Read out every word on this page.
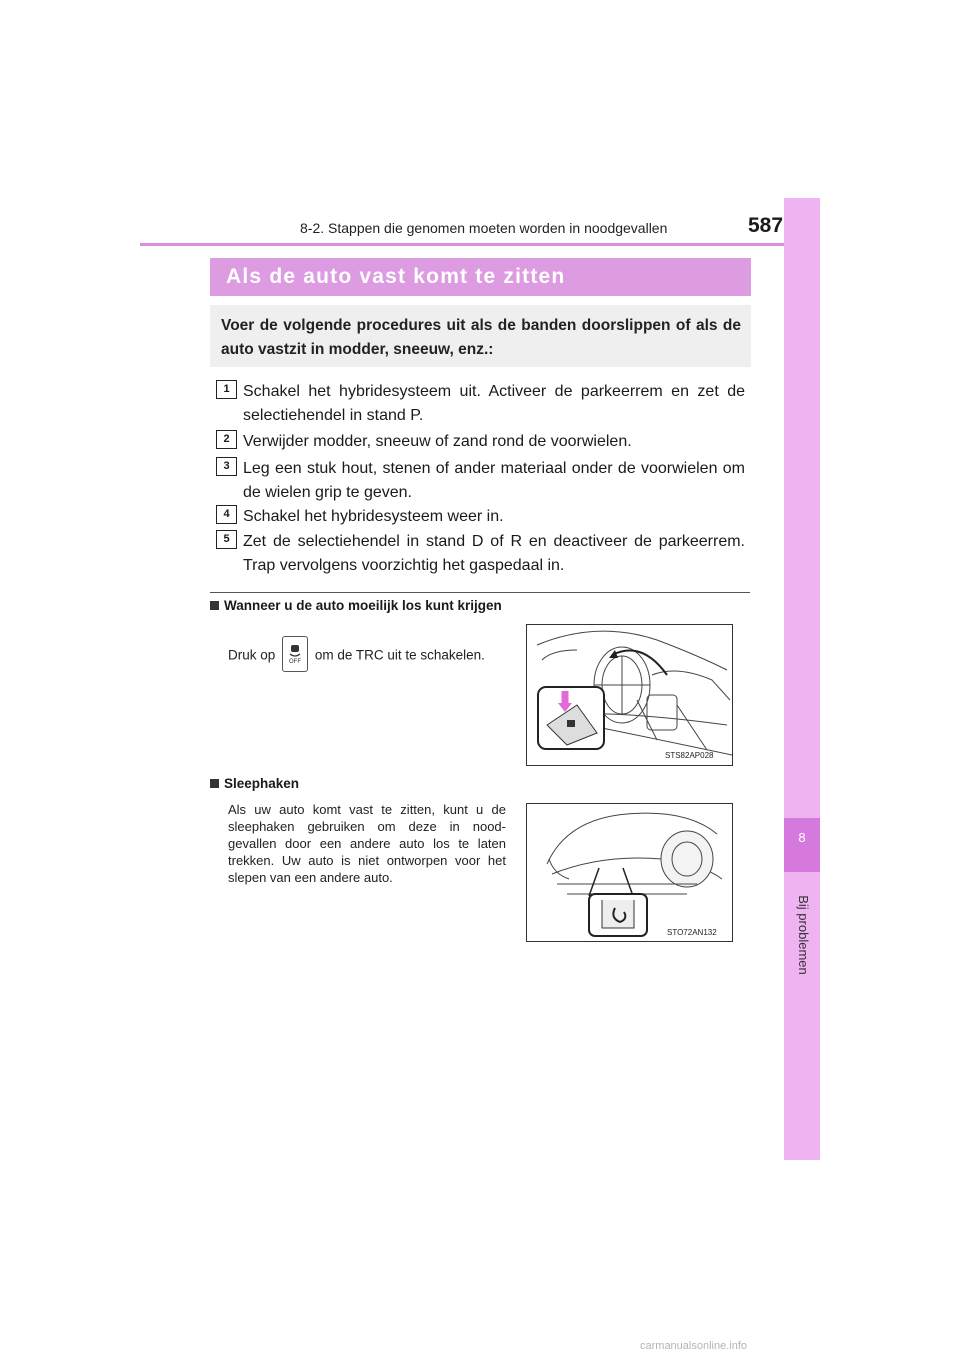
8-2. Stappen die genomen moeten worden in noodgevallen	587
8
Bij problemen
Als de auto vast komt te zitten
Voer de volgende procedures uit als de banden doorslippen of als de auto vastzit in modder, sneeuw, enz.:
1 Schakel het hybridesysteem uit. Activeer de parkeerrem en zet de selectiehendel in stand P.
2 Verwijder modder, sneeuw of zand rond de voorwielen.
3 Leg een stuk hout, stenen of ander materiaal onder de voorwielen om de wielen grip te geven.
4 Schakel het hybridesysteem weer in.
5 Zet de selectiehendel in stand D of R en deactiveer de parkeerrem. Trap vervolgens voorzichtig het gaspedaal in.
Wanneer u de auto moeilijk los kunt krijgen
Druk op OFF om de TRC uit te schakelen.
STS82AP028
Sleephaken
Als uw auto komt vast te zitten, kunt u de sleephaken gebruiken om deze in nood-gevallen door een andere auto los te laten trekken. Uw auto is niet ontworpen voor het slepen van een andere auto.
STO72AN132
carmanualsonline.info
